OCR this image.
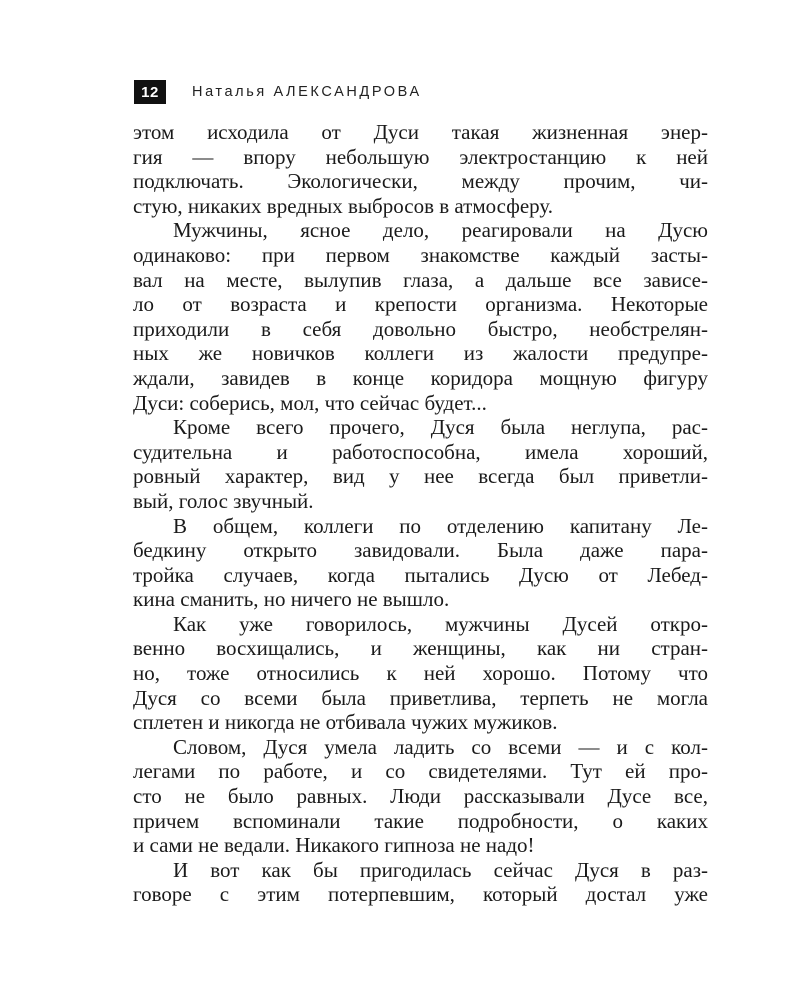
12	Наталья АЛЕКСАНДРОВА
этом исходила от Дуси такая жизненная энер-
гия — впору небольшую электростанцию к ней
подключать. Экологически, между прочим, чи-
стую, никаких вредных выбросов в атмосферу.
Мужчины, ясное дело, реагировали на Дусю
одинаково: при первом знакомстве каждый засты-
вал на месте, вылупив глаза, а дальше все зависе-
ло от возраста и крепости организма. Некоторые
приходили в себя довольно быстро, необстрелян-
ных же новичков коллеги из жалости предупре-
ждали, завидев в конце коридора мощную фигуру
Дуси: соберись, мол, что сейчас будет...
Кроме всего прочего, Дуся была неглупа, рас-
судительна и работоспособна, имела хороший,
ровный характер, вид у нее всегда был приветли-
вый, голос звучный.
В общем, коллеги по отделению капитану Ле-
бедкину открыто завидовали. Была даже пара-
тройка случаев, когда пытались Дусю от Лебед-
кина сманить, но ничего не вышло.
Как уже говорилось, мужчины Дусей откро-
венно восхищались, и женщины, как ни стран-
но, тоже относились к ней хорошо. Потому что
Дуся со всеми была приветлива, терпеть не могла
сплетен и никогда не отбивала чужих мужиков.
Словом, Дуся умела ладить со всеми — и с кол-
легами по работе, и со свидетелями. Тут ей про-
сто не было равных. Люди рассказывали Дусе все,
причем вспоминали такие подробности, о каких
и сами не ведали. Никакого гипноза не надо!
И вот как бы пригодилась сейчас Дуся в раз-
говоре с этим потерпевшим, который достал уже
